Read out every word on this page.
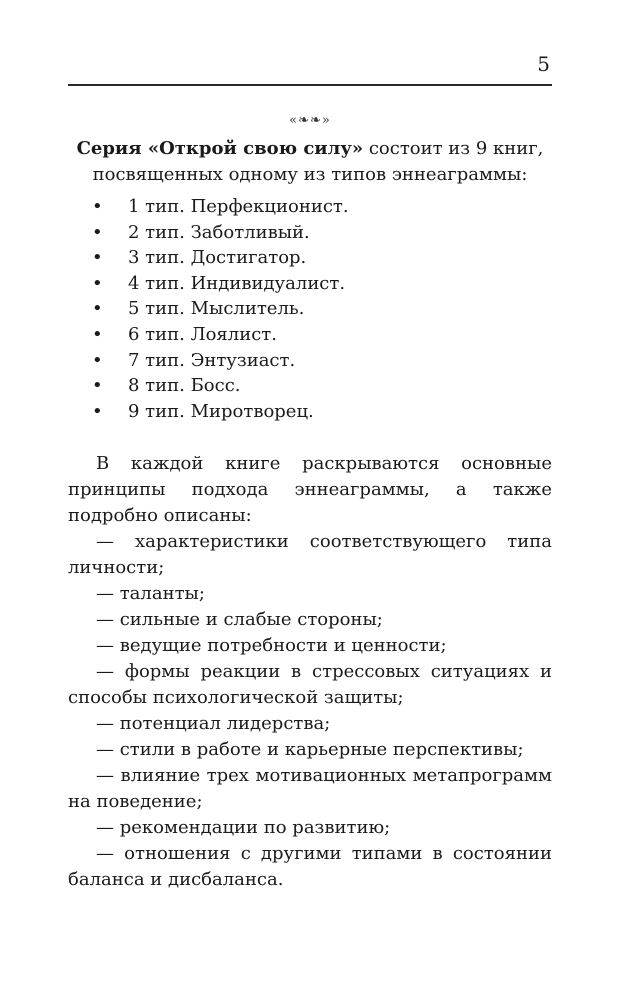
5
«❧❧»
Серия «Открой свою силу» состоит из 9 книг, посвященных одному из типов эннеаграммы:
• 1 тип. Перфекционист.
• 2 тип. Заботливый.
• 3 тип. Достигатор.
• 4 тип. Индивидуалист.
• 5 тип. Мыслитель.
• 6 тип. Лоялист.
• 7 тип. Энтузиаст.
• 8 тип. Босс.
• 9 тип. Миротворец.

В каждой книге раскрываются основные принципы подхода эннеаграммы, а также подробно описаны:

— характеристики соответствующего типа личности;

— таланты;

— сильные и слабые стороны;

— ведущие потребности и ценности;

— формы реакции в стрессовых ситуациях и способы психологической защиты;

— потенциал лидерства;

— стили в работе и карьерные перспективы;

— влияние трех мотивационных метапрограмм на поведение;

— рекомендации по развитию;

— отношения с другими типами в состоянии баланса и дисбаланса.
